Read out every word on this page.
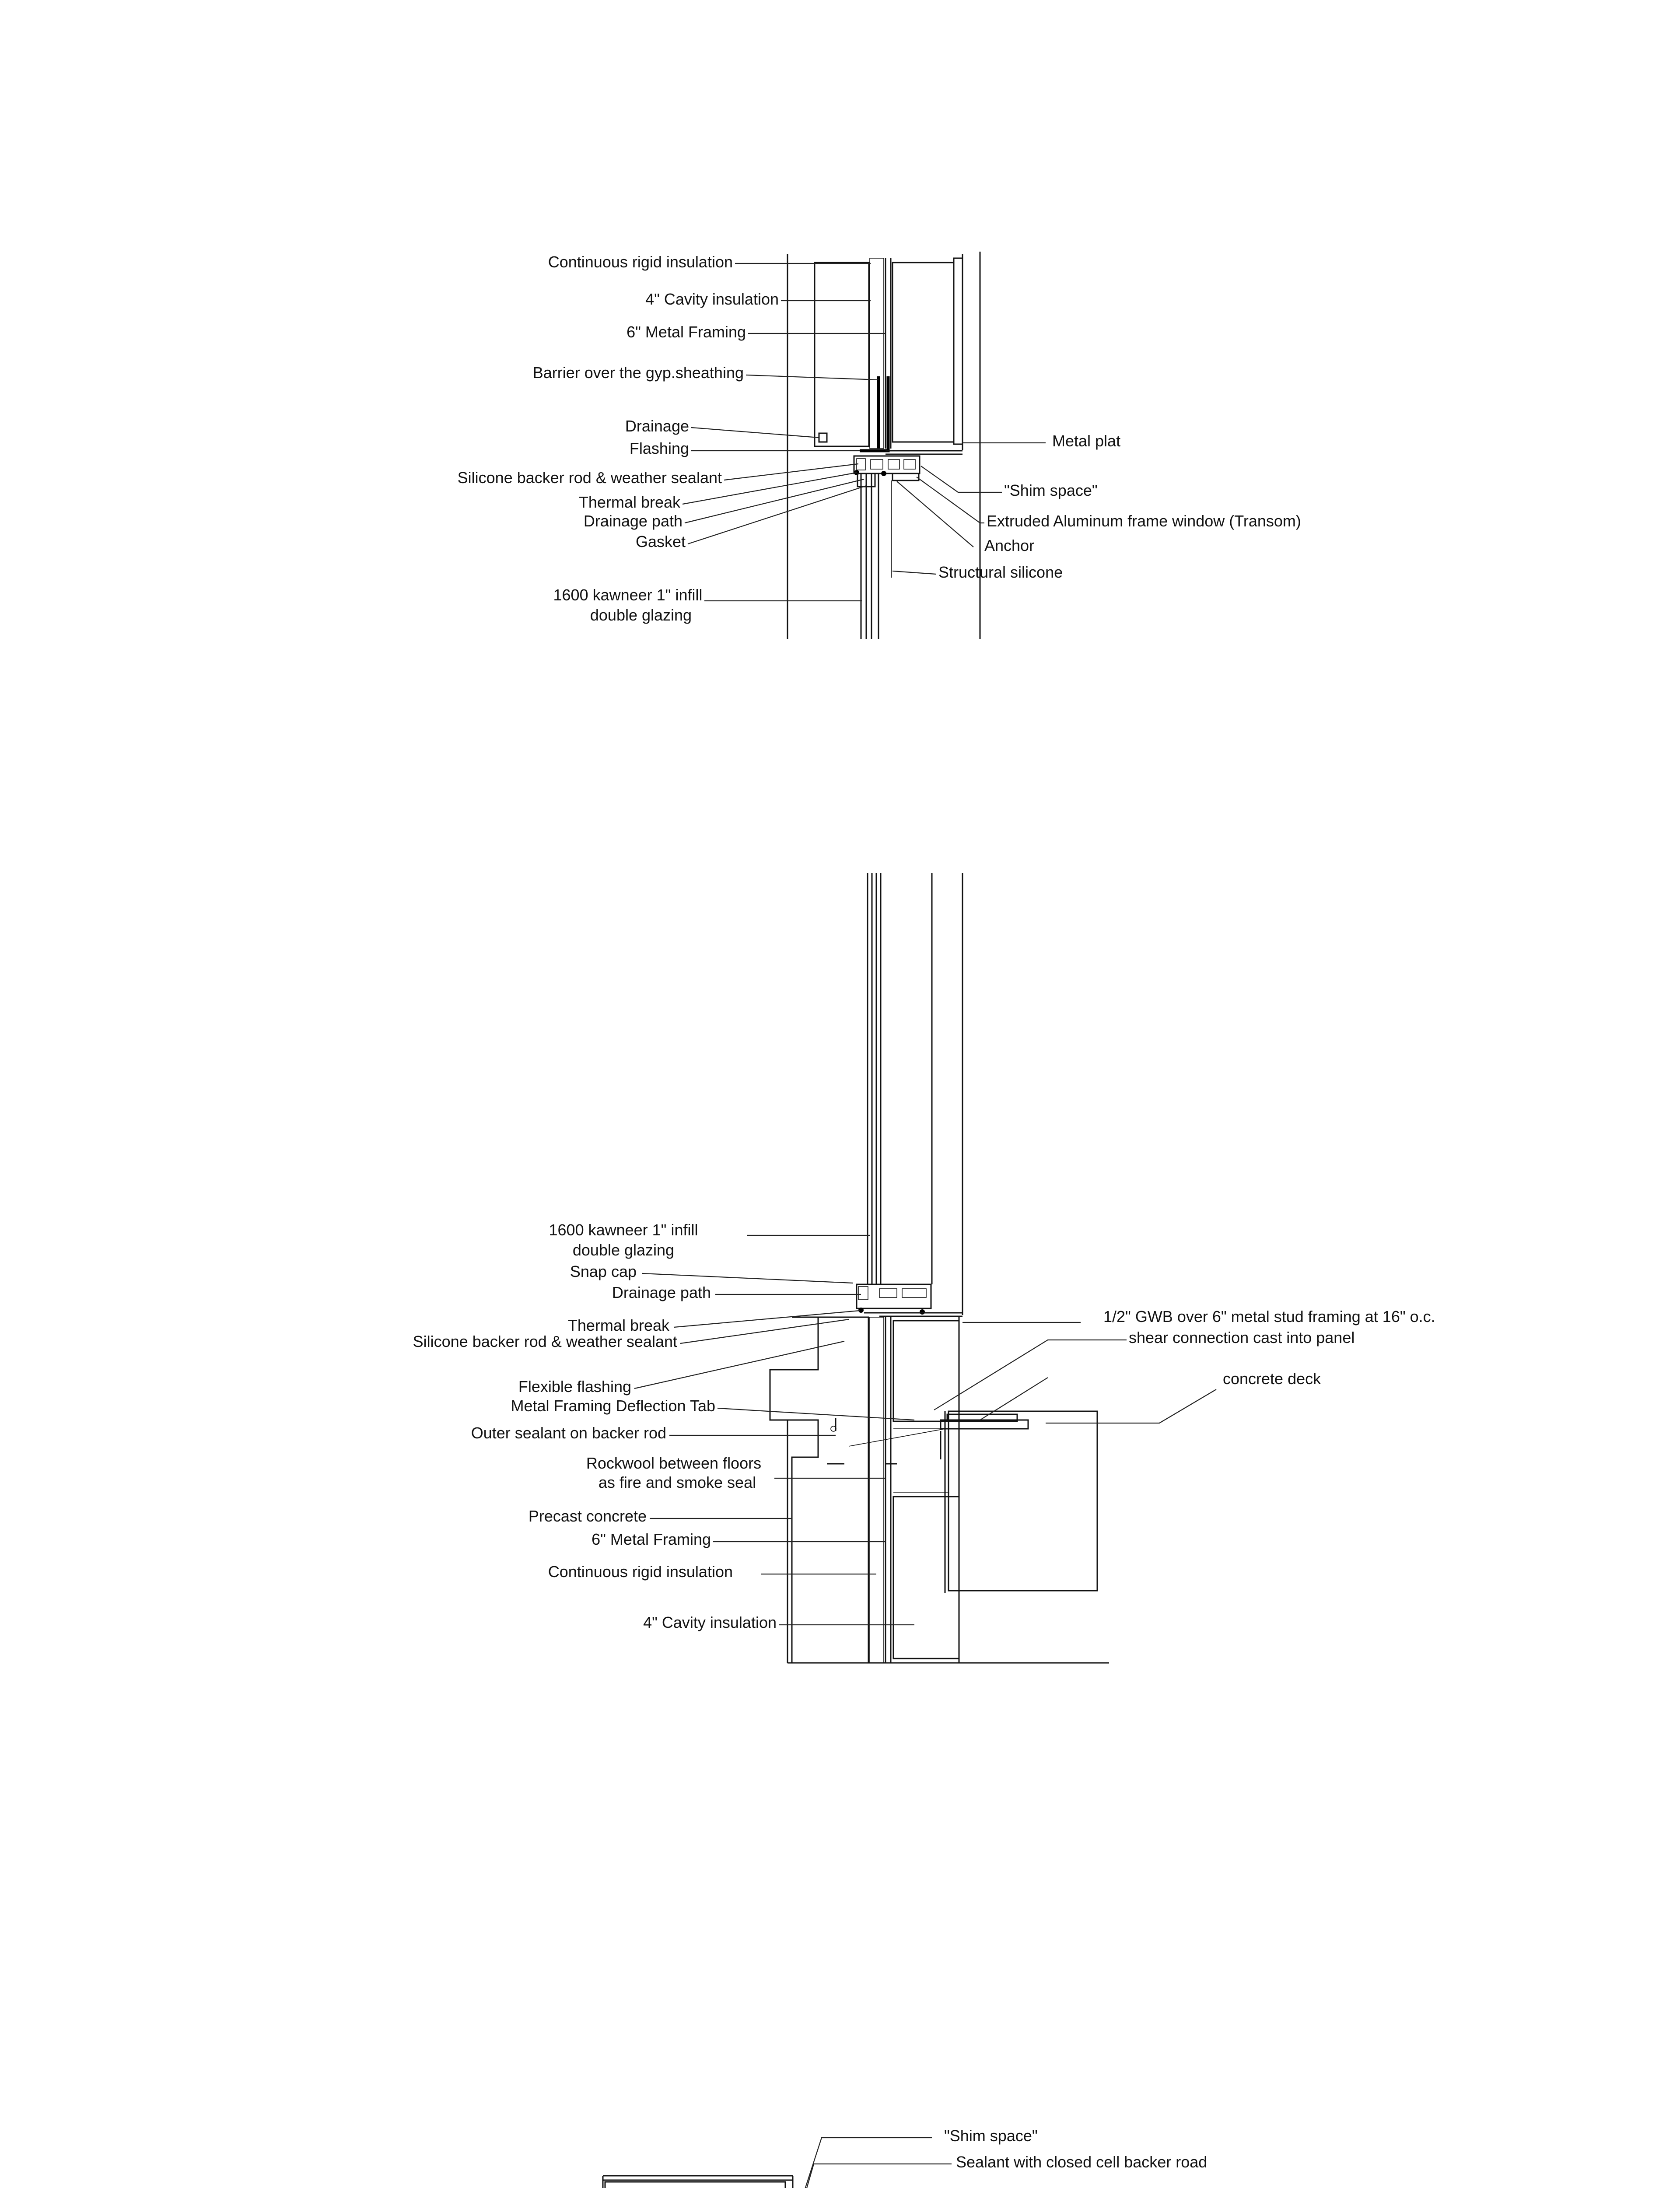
Continuous rigid insulation
4" Cavity insulation
6" Metal Framing
Barrier over the gyp.sheathing
Drainage
Flashing
Silicone backer rod & weather sealant
Thermal break
Drainage path
Gasket
1600 kawneer 1" infill
double glazing
Metal plat
"Shim space"
Extruded Aluminum frame window (Transom)
Anchor
Structural silicone
1600 kawneer 1" infill
double glazing
Snap cap
Drainage path
Thermal break
Silicone backer rod & weather sealant
Flexible flashing
Metal Framing Deflection Tab
Outer sealant on backer rod
Rockwool between floors
as fire and smoke seal
Precast concrete
6" Metal Framing
Continuous rigid insulation
4" Cavity insulation
1/2" GWB over 6" metal stud framing at 16" o.c.
shear connection cast into panel
concrete deck
"Shim space"
Sealant with closed cell backer road
